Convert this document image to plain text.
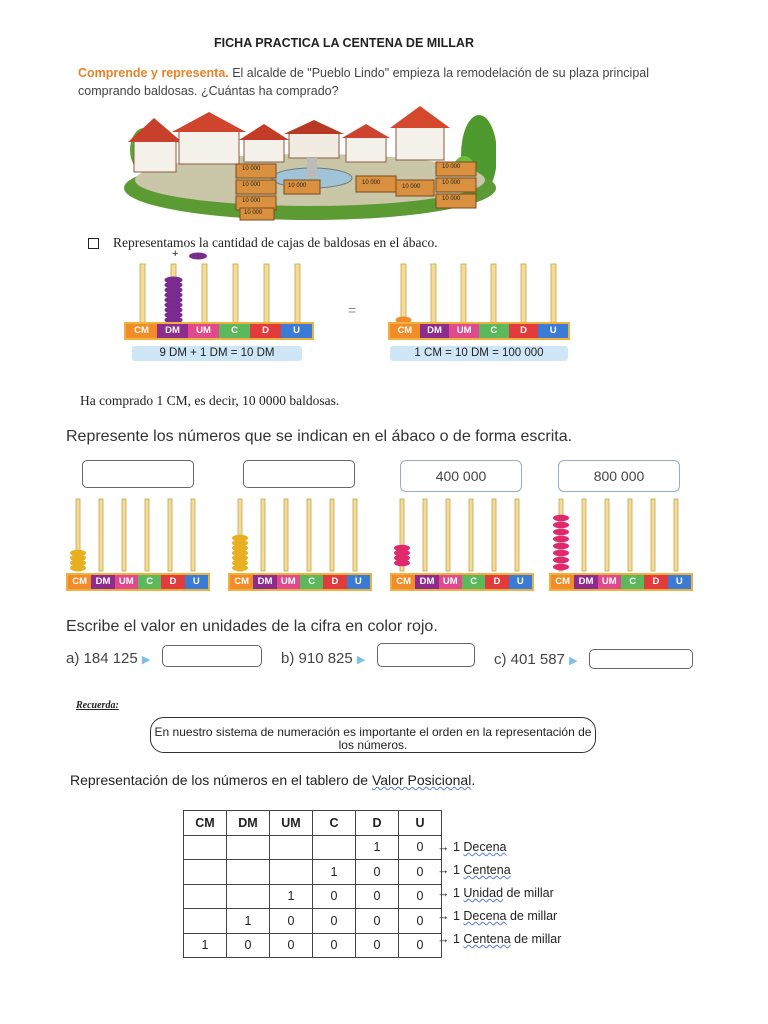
FICHA PRACTICA LA CENTENA DE MILLAR
Comprende y representa. El alcalde de "Pueblo Lindo" empieza la remodelación de su plaza principal comprando baldosas. ¿Cuántas ha comprado?
10 000
10 000
10 000
10 000
10 000	10 000
10 000
10 000
10 000
10 000
Representamos la cantidad de cajas de baldosas en el ábaco.
+
CM	DM	UM	C	D	U
9 DM + 1 DM = 10 DM
=
CM	DM	UM	C	D	U
1 CM = 10 DM = 100 000
Ha comprado 1 CM, es decir, 10 0000 baldosas.
Represente los números que se indican en el ábaco o de forma escrita.
400 000	800 000
CM DM UM	C	D	U	CM DM UM	C	D	U	CM DM UM	C	D	U	CM DM UM	C	D	U
Escribe el valor en unidades de la cifra en color rojo.
a) 184 125 ▶	b) 910 825 ▶	c) 401 587 ▶
Recuerda:
En nuestro sistema de numeración es importante el orden en la representación de los números.
Representación de los números en el tablero de Valor Posicional.
CM	DM	UM	C	D	U
				1	0
			1	0	0
		1	0	0	0
	1	0	0	0	0
1	0	0	0	0	0
→ 1 Decena
→ 1 Centena
→ 1 Unidad de millar
→ 1 Decena de millar
→ 1 Centena de millar
